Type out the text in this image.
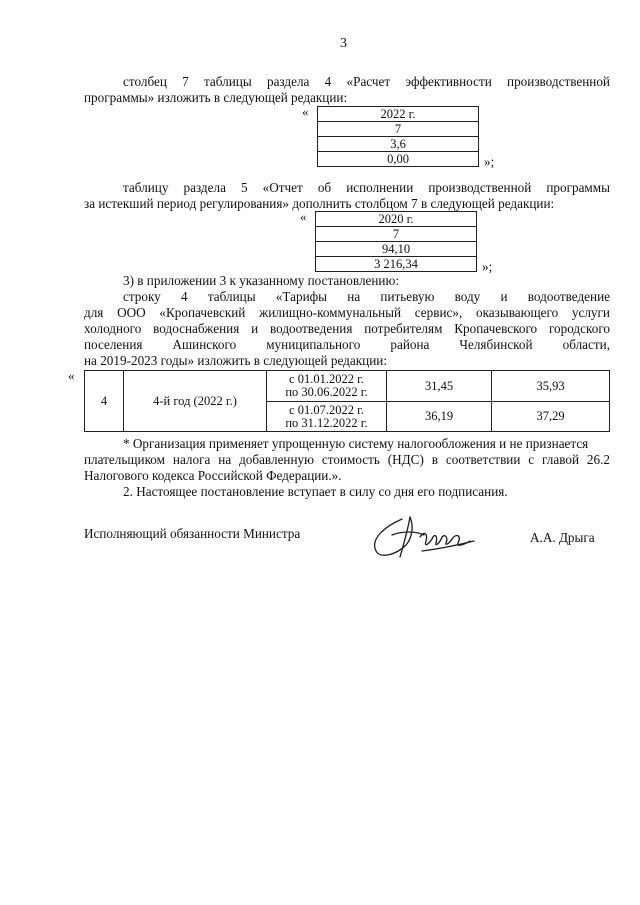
3
столбец 7 таблицы раздела 4 «Расчет эффективности производственной
программы» изложить в следующей редакции:
«	2022 г.
7
3,6
0,00	»;
таблицу раздела 5 «Отчет об исполнении производственной программы
за истекший период регулирования» дополнить столбцом 7 в следующей редакции:
«	2020 г.
7
94,10
3 216,34	»;
3) в приложении 3 к указанному постановлению:
строку 4 таблицы «Тарифы на питьевую воду и водоотведение
для ООО «Кропачевский жилищно-коммунальный сервис», оказывающего услуги
холодного водоснабжения и водоотведения потребителям Кропачевского городского
поселения Ашинского муниципального района Челябинской области,
на 2019-2023 годы» изложить в следующей редакции:
«
4	4-й год (2022 г.)	с 01.01.2022 г.
по 30.06.2022 г.	31,45	35,93

		с 01.07.2022 г.
по 31.12.2022 г.	36,19	37,29
* Организация применяет упрощенную систему налогообложения и не признается
плательщиком налога на добавленную стоимость (НДС) в соответствии с главой 26.2
Налогового кодекса Российской Федерации.».
2. Настоящее постановление вступает в силу со дня его подписания.
Исполняющий обязанности Министра	А.А. Дрыга
